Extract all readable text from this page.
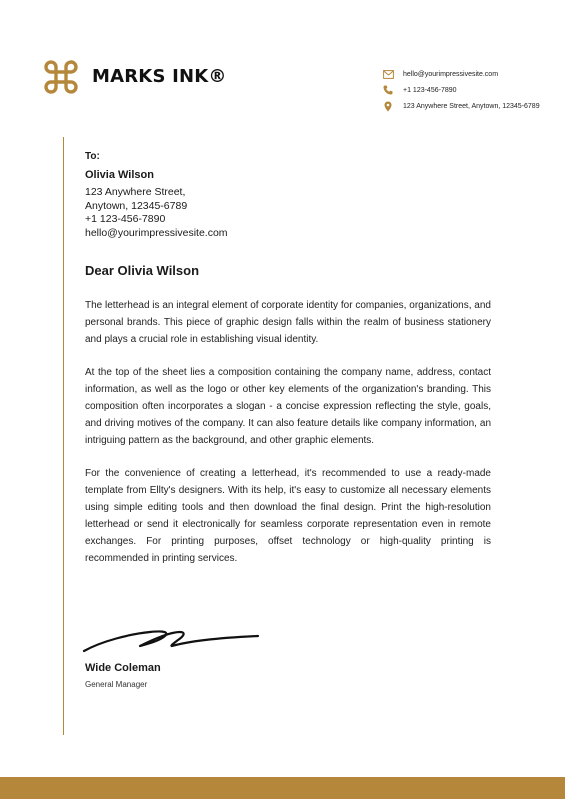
MARKS INK®	hello@yourimpressivesite.com
+1 123-456-7890
123 Anywhere Street, Anytown, 12345-6789
To:
Olivia Wilson
123 Anywhere Street,
Anytown, 12345-6789
+1 123-456-7890
hello@yourimpressivesite.com
Dear Olivia Wilson

The letterhead is an integral element of corporate identity for companies, organizations, and personal brands. This piece of graphic design falls within the realm of business stationery and plays a crucial role in establishing visual identity.

At the top of the sheet lies a composition containing the company name, address, contact information, as well as the logo or other key elements of the organization's branding. This composition often incorporates a slogan - a concise expression reflecting the style, goals, and driving motives of the company. It can also feature details like company information, an intriguing pattern as the background, and other graphic elements.

For the convenience of creating a letterhead, it's recommended to use a ready-made template from Ellty's designers. With its help, it's easy to customize all necessary elements using simple editing tools and then download the final design. Print the high-resolution letterhead or send it electronically for seamless corporate representation even in remote exchanges. For printing purposes, offset technology or high-quality printing is recommended in printing services.

Wide Coleman
General Manager
